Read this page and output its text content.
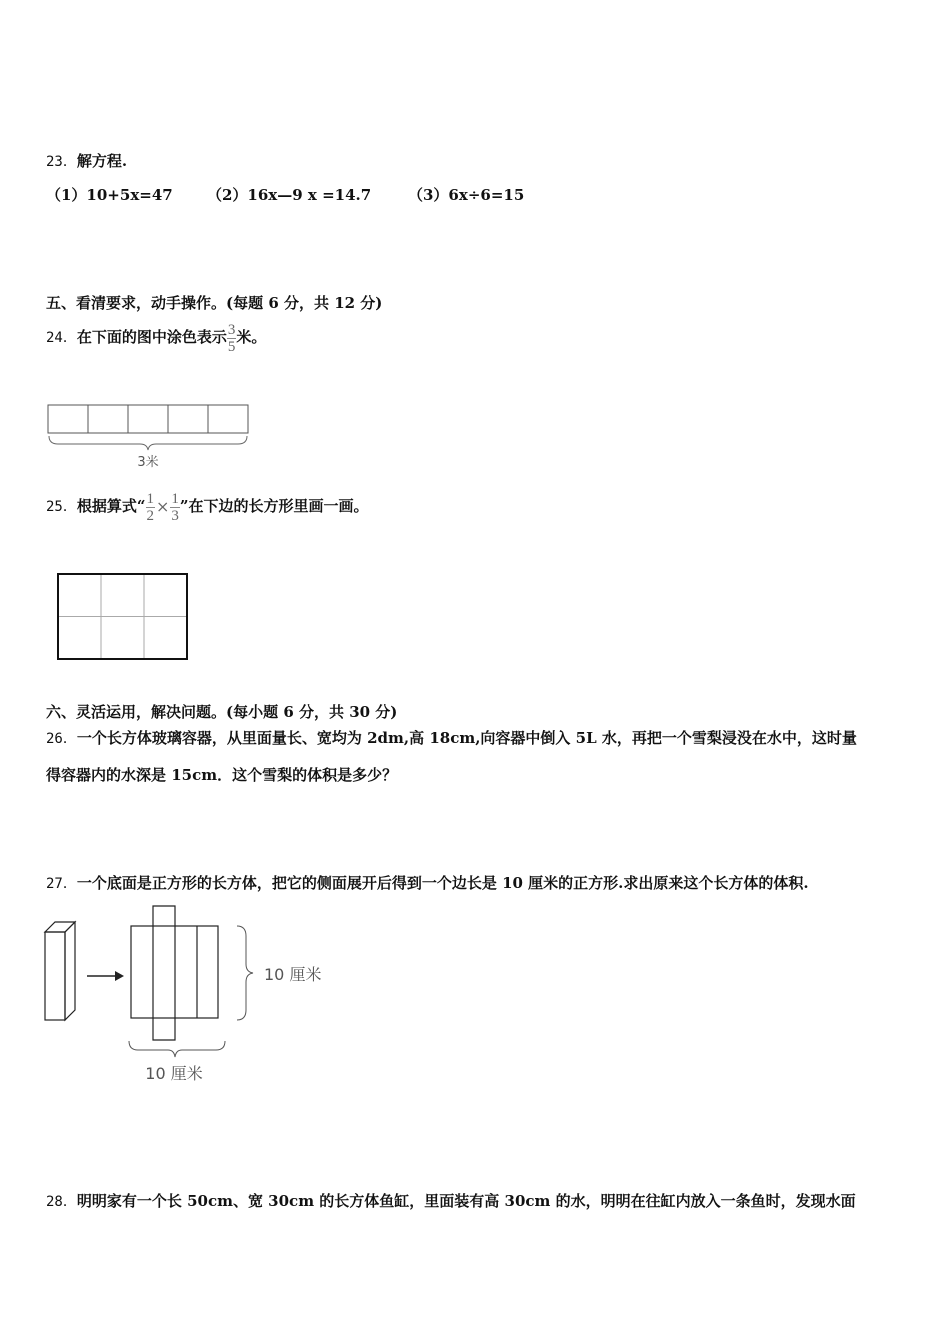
23．解方程.
（1）10+5x=47 （2）16x—9 x =14.7 （3）6x÷6=15
五、看清要求，动手操作。(每题 6 分，共 12 分)
24．在下面的图中涂色表示 $\frac{3}{5}$ 米。
3米
25．根据算式“ $\frac{1}{2} \times \frac{1}{3}$ ”在下边的长方形里画一画。
六、灵活运用，解决问题。(每小题 6 分，共 30 分)
26．一个长方体玻璃容器，从里面量长、宽均为 2dm,高 18cm,向容器中倒入 5L 水，再把一个雪梨浸没在水中，这时量
得容器内的水深是 15cm．这个雪梨的体积是多少？
27．一个底面是正方形的长方体，把它的侧面展开后得到一个边长是 10 厘米的正方形.求出原来这个长方体的体积.
10 厘米
10 厘米
28．明明家有一个长 50cm、宽 30cm 的长方体鱼缸，里面装有高 30cm 的水，明明在往缸内放入一条鱼时，发现水面
